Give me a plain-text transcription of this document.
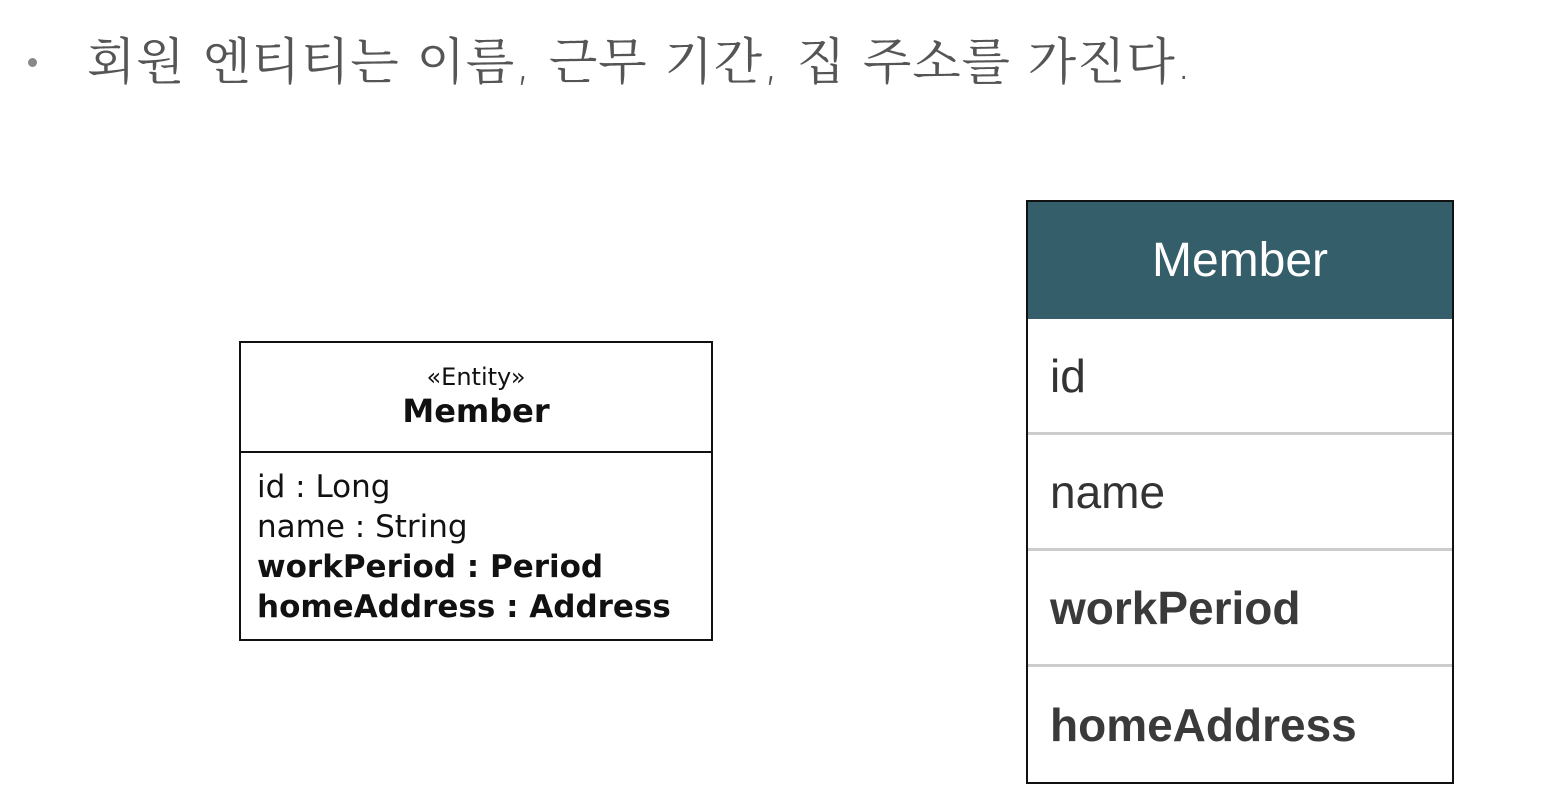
회원 엔티티는 이름, 근무 기간, 집 주소를 가진다.
«Entity»
Member
id : Long
name : String
workPeriod : Period
homeAddress : Address
Member
id
name
workPeriod
homeAddress
